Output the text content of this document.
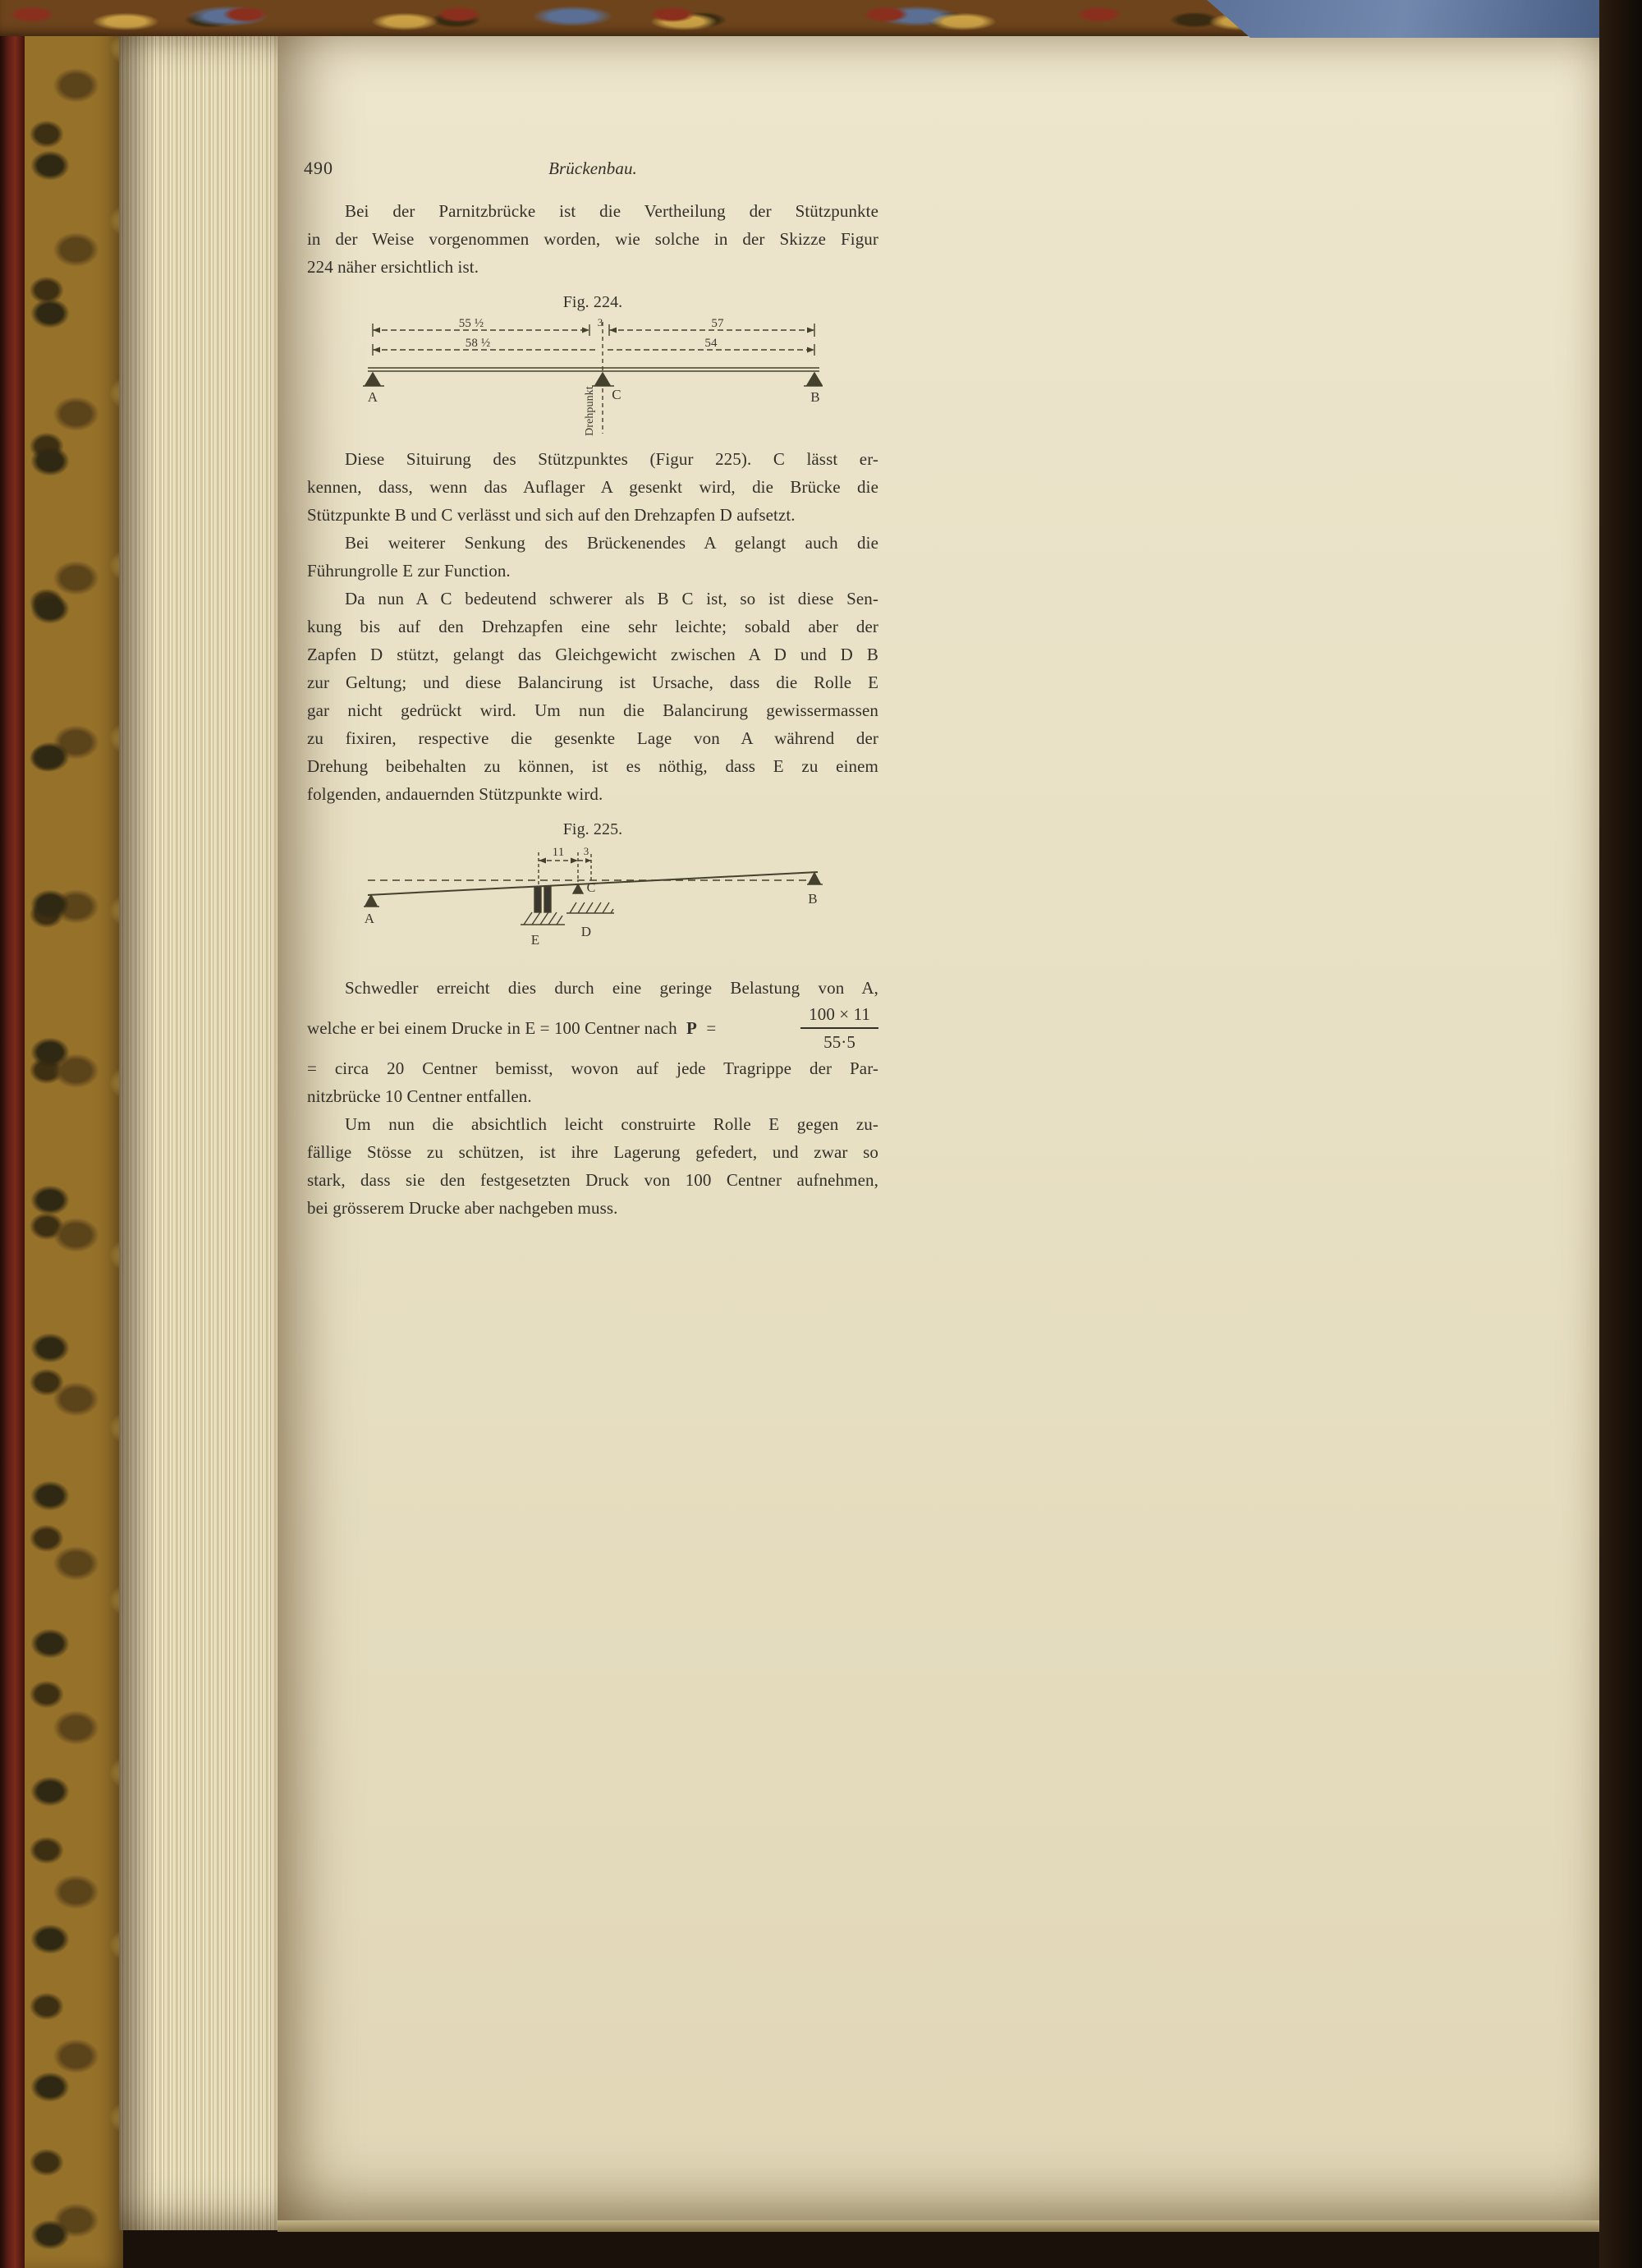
490	Brückenbau.
Bei der Parnitzbrücke ist die Vertheilung der Stützpunkte
in der Weise vorgenommen worden, wie solche in der Skizze Figur
224 näher ersichtlich ist.
Fig. 224.
55 ½	3	57
58 ½	54
A	C	B
Drehpunkt
Diese Situirung des Stützpunktes (Figur 225). C lässt er-
kennen, dass, wenn das Auflager A gesenkt wird, die Brücke die
Stützpunkte B und C verlässt und sich auf den Drehzapfen D aufsetzt.
Bei weiterer Senkung des Brückenendes A gelangt auch die
Führungrolle E zur Function.
Da nun A C bedeutend schwerer als B C ist, so ist diese Sen-
kung bis auf den Drehzapfen eine sehr leichte; sobald aber der
Zapfen D stützt, gelangt das Gleichgewicht zwischen A D und D B
zur Geltung; und diese Balancirung ist Ursache, dass die Rolle E
gar nicht gedrückt wird. Um nun die Balancirung gewissermassen
zu fixiren, respective die gesenkte Lage von A während der
Drehung beibehalten zu können, ist es nöthig, dass E zu einem
folgenden, andauernden Stützpunkte wird.
Fig. 225.
11 3
A
B
C
D
E
Schwedler erreicht dies durch eine geringe Belastung von A,
welche er bei einem Drucke in E = 100 Centner nach P =	$\frac{100 \times 11}{55\cdot 5}$
= circa 20 Centner bemisst, wovon auf jede Tragrippe der Par-
nitzbrücke 10 Centner entfallen.
Um nun die absichtlich leicht construirte Rolle E gegen zu-
fällige Stösse zu schützen, ist ihre Lagerung gefedert, und zwar so
stark, dass sie den festgesetzten Druck von 100 Centner aufnehmen,
bei grösserem Drucke aber nachgeben muss.
